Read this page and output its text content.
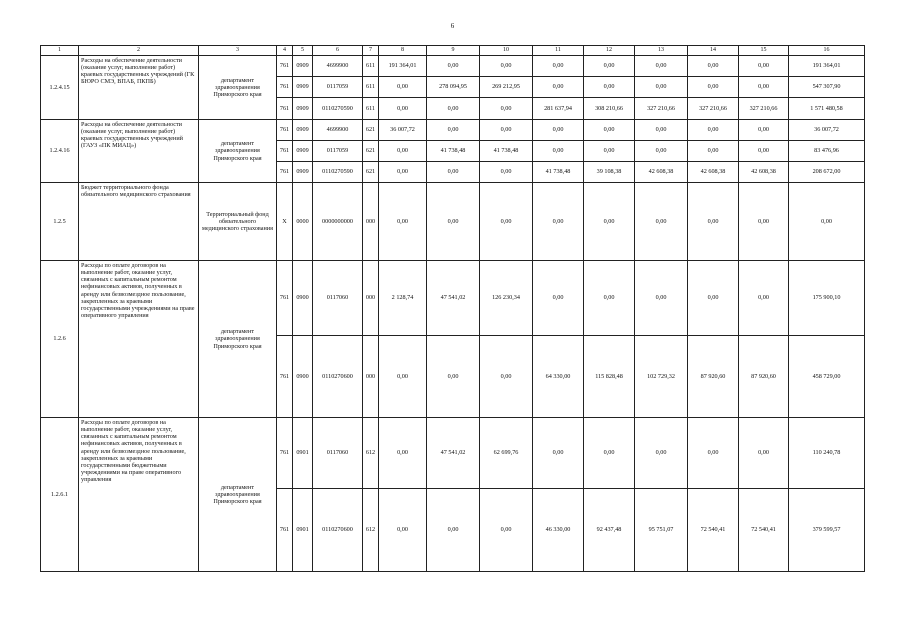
6
1	2	3	4	5	6	7	8	9	10	11	12	13	14	15	16
1.2.4.15	Расходы на обеспечение деятельности (оказание услуг, выполнение работ) краевых государственных учреждений (ГК БЮРО СМЭ, ВПАБ, ПКПБ)	департамент здравоохранения Приморского края	761	0909	4699900	611	191 364,01	0,00	0,00	0,00	0,00	0,00	0,00	0,00	191 364,01
			761	0909	0117059	611	0,00	278 094,95	269 212,95	0,00	0,00	0,00	0,00	0,00	547 307,90
			761	0909	0110270590	611	0,00	0,00	0,00	281 637,94	308 210,66	327 210,66	327 210,66	327 210,66	1 571 480,58
1.2.4.16	Расходы на обеспечение деятельности (оказание услуг, выполнение работ) краевых государственных учреждений (ГАУЗ «ПК МИАЦ»)	департамент здравоохранения Приморского края	761	0909	4699900	621	36 007,72	0,00	0,00	0,00	0,00	0,00	0,00	0,00	36 007,72
			761	0909	0117059	621	0,00	41 738,48	41 738,48	0,00	0,00	0,00	0,00	0,00	83 476,96
			761	0909	0110270590	621	0,00	0,00	0,00	41 738,48	39 108,38	42 608,38	42 608,38	42 608,38	208 672,00
1.2.5	Бюджет территориального фонда обязательного медицинского страхования	Территориальный фонд обязательного медицинского страхования	X	0000	0000000000	000	0,00	0,00	0,00	0,00	0,00	0,00	0,00	0,00	0,00
1.2.6	Расходы по оплате договоров на выполнение работ, оказание услуг, связанных с капитальным ремонтом нефинансовых активов, полученных в аренду или безвозмездное пользование, закрепленных за краевыми государственными учреждениями на праве оперативного управления	департамент здравоохранения Приморского края	761	0900	0117060	000	2 128,74	47 541,02	126 230,34	0,00	0,00	0,00	0,00	0,00	175 900,10
			761	0900	0110270600	000	0,00	0,00	0,00	64 330,00	115 828,48	102 729,32	87 920,60	87 920,60	458 729,00
1.2.6.1	Расходы по оплате договоров на выполнение работ, оказание услуг, связанных с капитальным ремонтом нефинансовых активов, полученных в аренду или безвозмездное пользование, закрепленных за краевыми государственными бюджетными учреждениями на праве оперативного управления	департамент здравоохранения Приморского края	761	0901	0117060	612	0,00	47 541,02	62 699,76	0,00	0,00	0,00	0,00	0,00	110 240,78
			761	0901	0110270600	612	0,00	0,00	0,00	46 330,00	92 437,48	95 751,07	72 540,41	72 540,41	379 599,57
